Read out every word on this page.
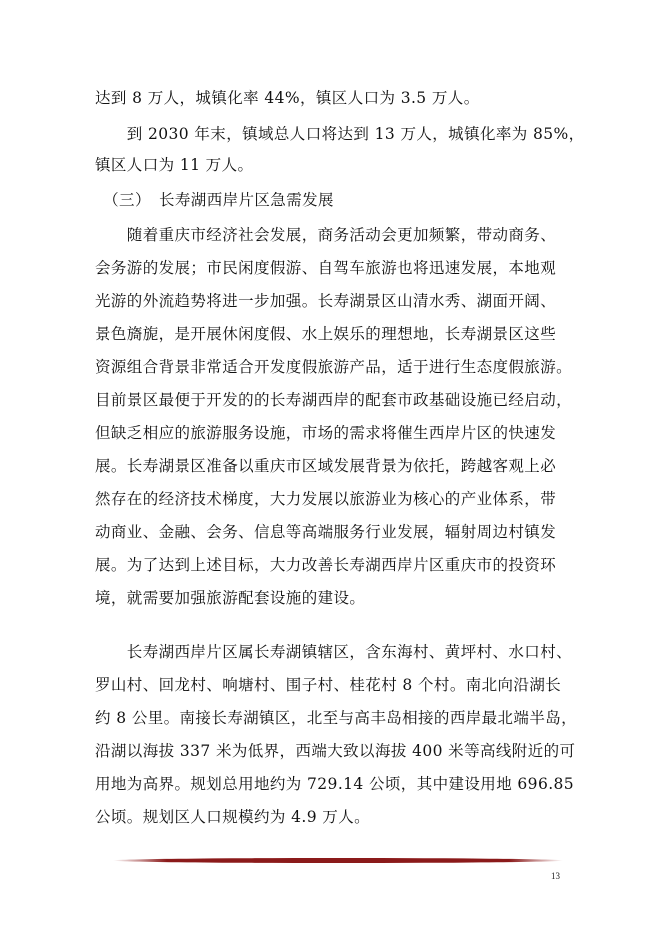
达到 8 万人，城镇化率 44%，镇区人口为 3.5 万人。
　　到 2030 年末，镇域总人口将达到 13 万人，城镇化率为 85%，
镇区人口为 11 万人。
　（三）　长寿湖西岸片区急需发展
　　随着重庆市经济社会发展，商务活动会更加频繁，带动商务、
会务游的发展；市民闲度假游、自驾车旅游也将迅速发展，本地观
光游的外流趋势将进一步加强。长寿湖景区山清水秀、湖面开阔、
景色旖旎，是开展休闲度假、水上娱乐的理想地，长寿湖景区这些
资源组合背景非常适合开发度假旅游产品，适于进行生态度假旅游。
目前景区最便于开发的的长寿湖西岸的配套市政基础设施已经启动，
但缺乏相应的旅游服务设施，市场的需求将催生西岸片区的快速发
展。长寿湖景区准备以重庆市区域发展背景为依托，跨越客观上必
然存在的经济技术梯度，大力发展以旅游业为核心的产业体系，带
动商业、金融、会务、信息等高端服务行业发展，辐射周边村镇发
展。为了达到上述目标，大力改善长寿湖西岸片区重庆市的投资环
境，就需要加强旅游配套设施的建设。
　　长寿湖西岸片区属长寿湖镇辖区，含东海村、黄坪村、水口村、
罗山村、回龙村、响塘村、围子村、桂花村 8 个村。南北向沿湖长
约 8 公里。南接长寿湖镇区，北至与高丰岛相接的西岸最北端半岛，
沿湖以海拔 337 米为低界，西端大致以海拔 400 米等高线附近的可
用地为高界。规划总用地约为 729.14 公顷，其中建设用地 696.85
公顷。规划区人口规模约为 4.9 万人。
13
